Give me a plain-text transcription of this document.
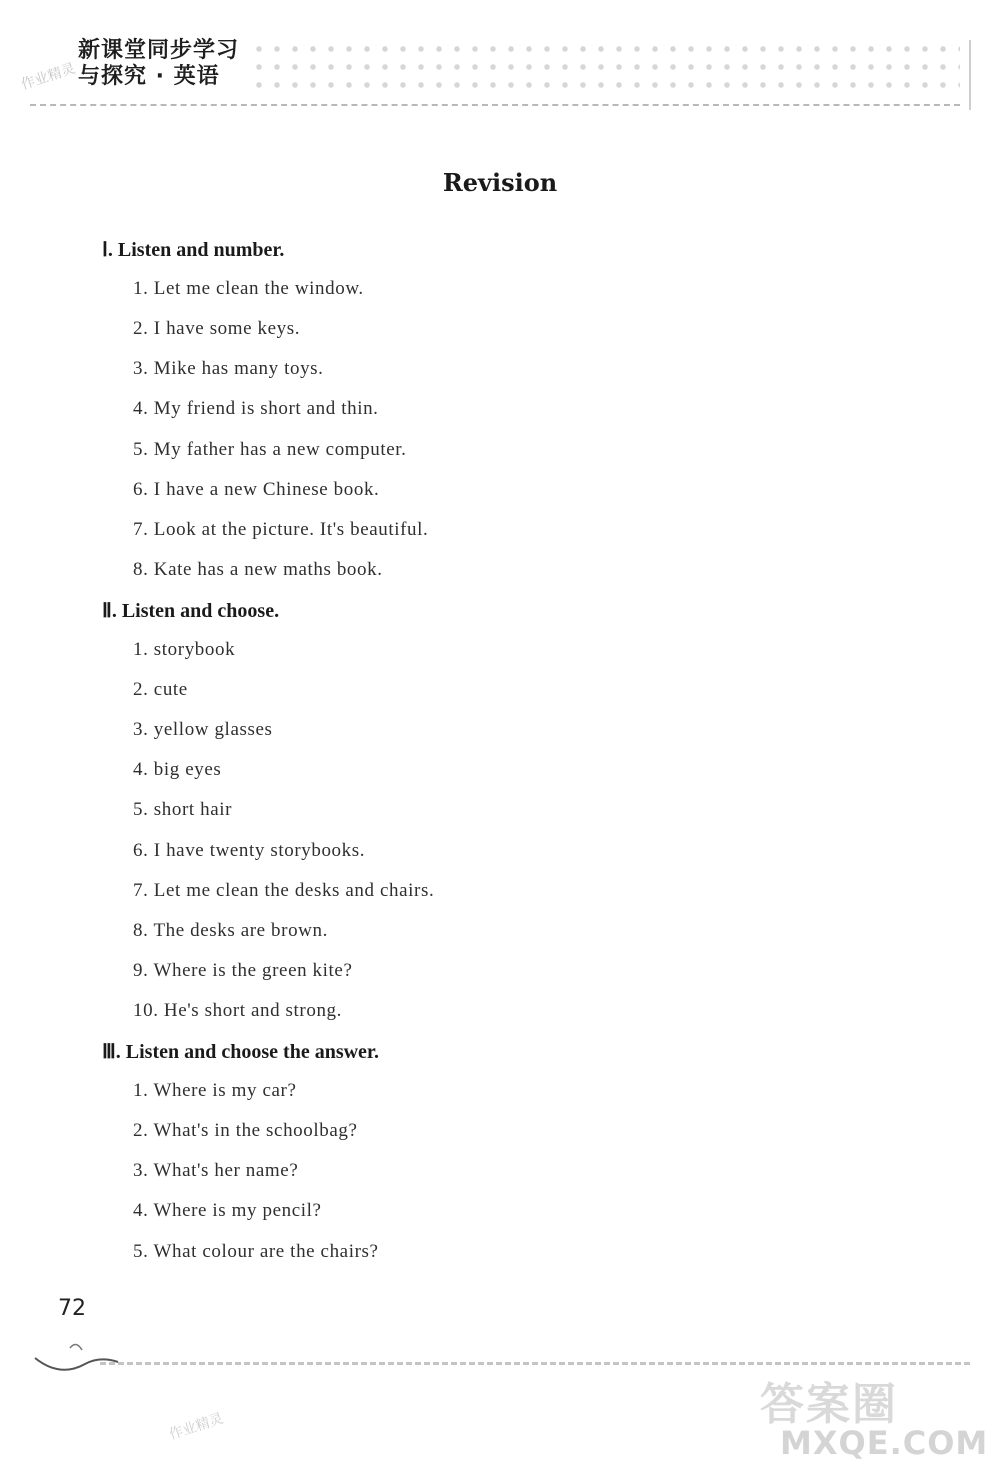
作业精灵
新课堂同步学习
与探究 · 英语
Revision
Ⅰ. Listen and number.
1. Let me clean the window.
2. I have some keys.
3. Mike has many toys.
4. My friend is short and thin.
5. My father has a new computer.
6. I have a new Chinese book.
7. Look at the picture. It's beautiful.
8. Kate has a new maths book.
Ⅱ. Listen and choose.
1. storybook
2. cute
3. yellow glasses
4. big eyes
5. short hair
6. I have twenty storybooks.
7. Let me clean the desks and chairs.
8. The desks are brown.
9. Where is the green kite?
10. He's short and strong.
Ⅲ. Listen and choose the answer.
1. Where is my car?
2. What's in the schoolbag?
3. What's her name?
4. Where is my pencil?
5. What colour are the chairs?
72
作业精灵	答案圈
MXQE.COM
